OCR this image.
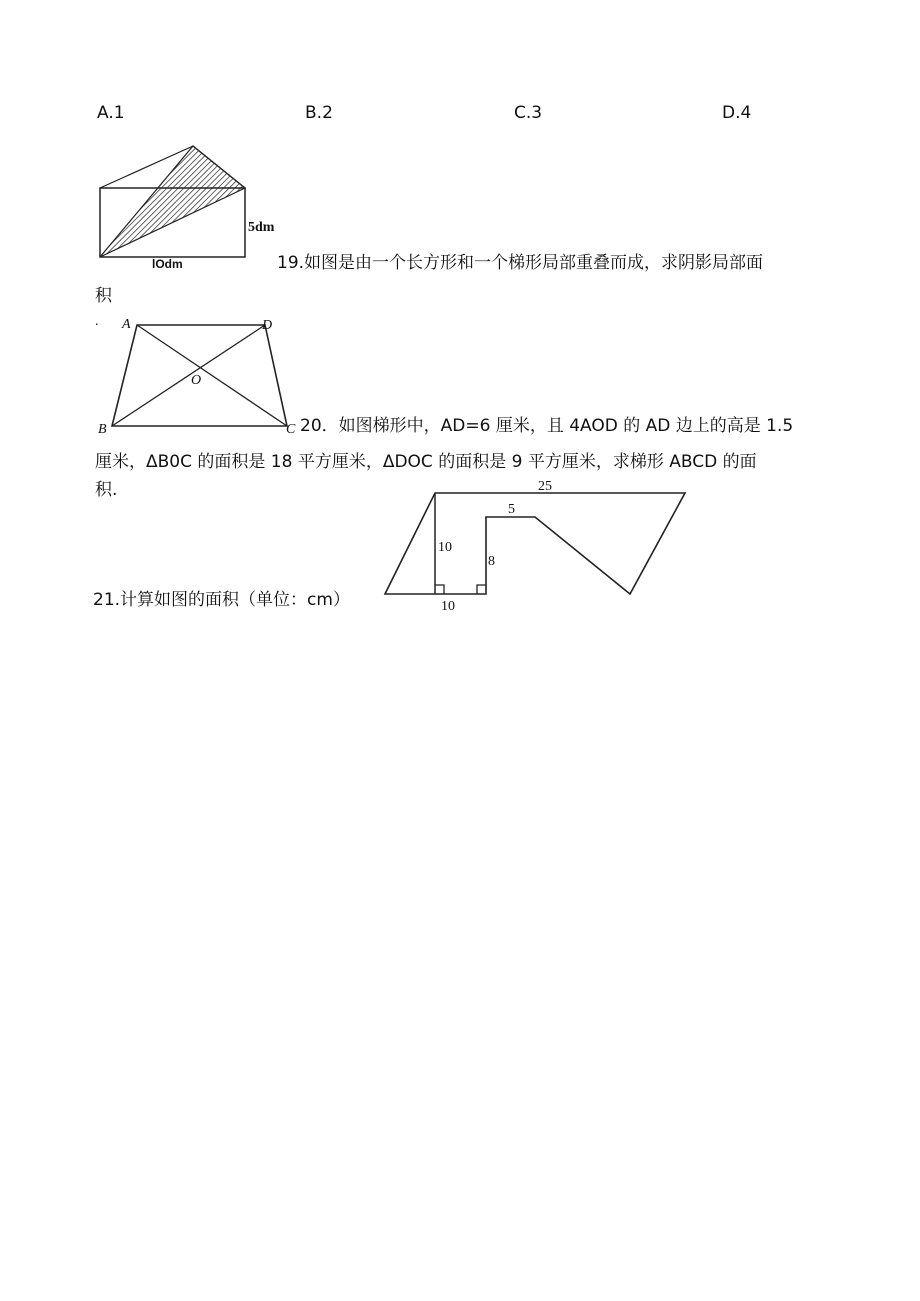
A.1	B.2	C.3	D.4
5dm
lOdm	19.如图是由一个长方形和一个梯形局部重叠而成，求阴影局部面
积
. A	D
O
B	C 20．如图梯形中，AD=6 厘米，且 4AOD 的 AD 边上的高是 1.5
厘米，ΔB0C 的面积是 18 平方厘米，ΔDOC 的面积是 9 平方厘米，求梯形 ABCD 的面
积.	25
5
10
8
10
21.计算如图的面积（单位：cm）
